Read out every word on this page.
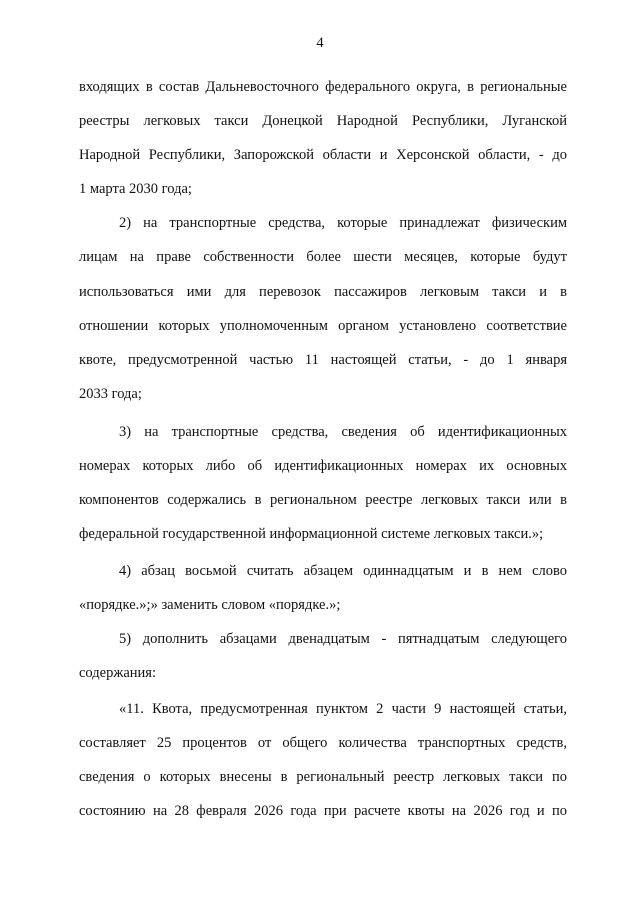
4
входящих в состав Дальневосточного федерального округа, в региональные
реестры легковых такси Донецкой Народной Республики, Луганской
Народной Республики, Запорожской области и Херсонской области, - до
1 марта 2030 года;
2) на транспортные средства, которые принадлежат физическим
лицам на праве собственности более шести месяцев, которые будут
использоваться ими для перевозок пассажиров легковым такси и в
отношении которых уполномоченным органом установлено соответствие
квоте, предусмотренной частью 11 настоящей статьи, - до 1 января
2033 года;
3) на транспортные средства, сведения об идентификационных
номерах которых либо об идентификационных номерах их основных
компонентов содержались в региональном реестре легковых такси или в
федеральной государственной информационной системе легковых такси.»;
4) абзац восьмой считать абзацем одиннадцатым и в нем слово
«порядке.»;» заменить словом «порядке.»;
5) дополнить абзацами двенадцатым - пятнадцатым следующего
содержания:
«11. Квота, предусмотренная пунктом 2 части 9 настоящей статьи,
составляет 25 процентов от общего количества транспортных средств,
сведения о которых внесены в региональный реестр легковых такси по
состоянию на 28 февраля 2026 года при расчете квоты на 2026 год и по
